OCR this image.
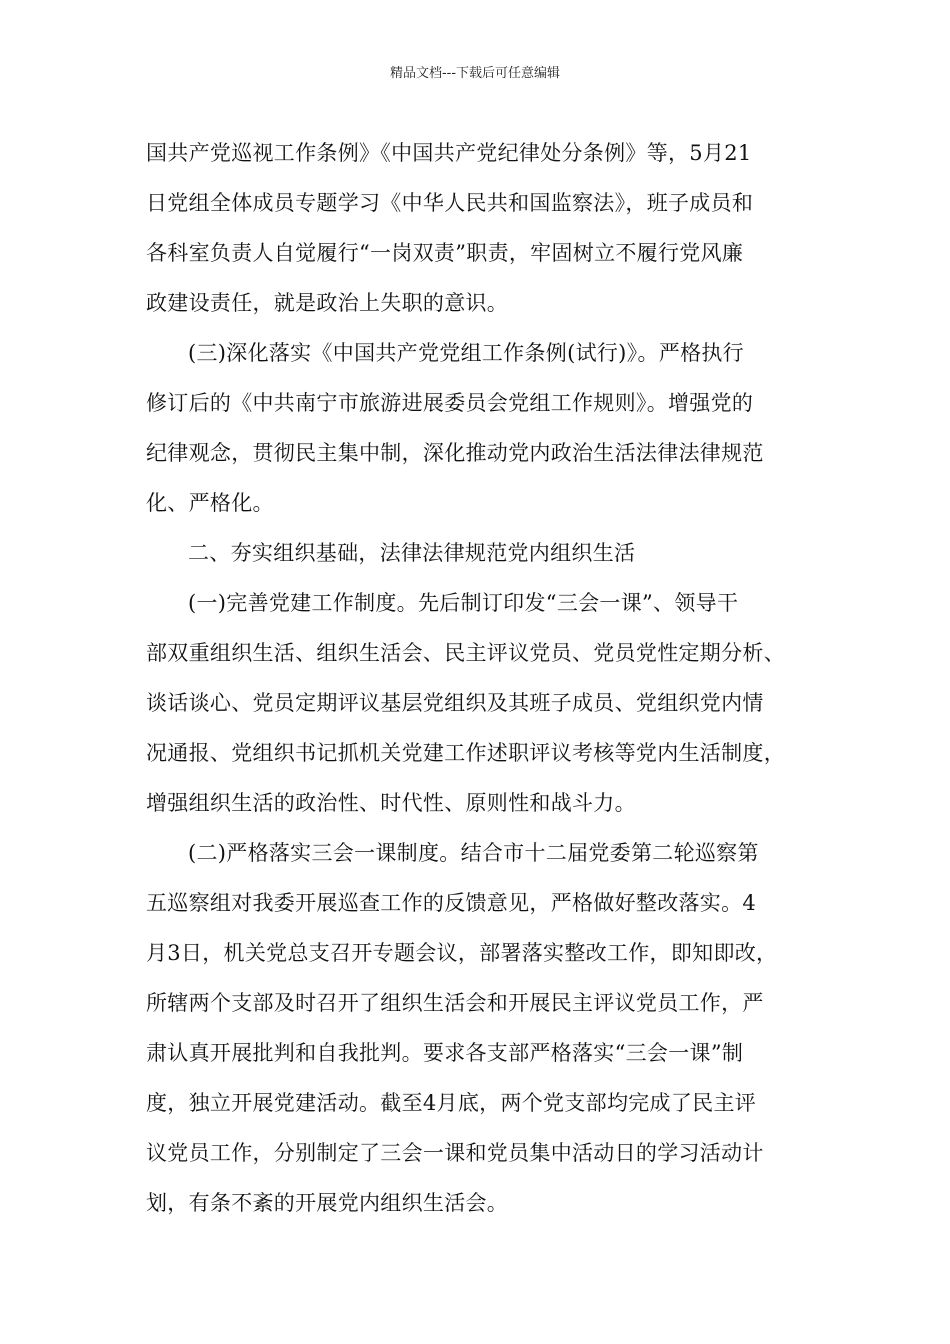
精品文档---下载后可任意编辑
国共产党巡视工作条例》《中国共产党纪律处分条例》等，5月21
日党组全体成员专题学习《中华人民共和国监察法》，班子成员和
各科室负责人自觉履行“一岗双责”职责，牢固树立不履行党风廉
政建设责任，就是政治上失职的意识。
(三)深化落实《中国共产党党组工作条例(试行)》。严格执行
修订后的《中共南宁市旅游进展委员会党组工作规则》。增强党的
纪律观念，贯彻民主集中制，深化推动党内政治生活法律法律规范
化、严格化。
二、夯实组织基础，法律法律规范党内组织生活
(一)完善党建工作制度。先后制订印发“三会一课”、领导干
部双重组织生活、组织生活会、民主评议党员、党员党性定期分析、
谈话谈心、党员定期评议基层党组织及其班子成员、党组织党内情
况通报、党组织书记抓机关党建工作述职评议考核等党内生活制度，
增强组织生活的政治性、时代性、原则性和战斗力。
(二)严格落实三会一课制度。结合市十二届党委第二轮巡察第
五巡察组对我委开展巡查工作的反馈意见，严格做好整改落实。4
月3日，机关党总支召开专题会议，部署落实整改工作，即知即改，
所辖两个支部及时召开了组织生活会和开展民主评议党员工作，严
肃认真开展批判和自我批判。要求各支部严格落实“三会一课”制
度，独立开展党建活动。截至4月底，两个党支部均完成了民主评
议党员工作，分别制定了三会一课和党员集中活动日的学习活动计
划，有条不紊的开展党内组织生活会。
